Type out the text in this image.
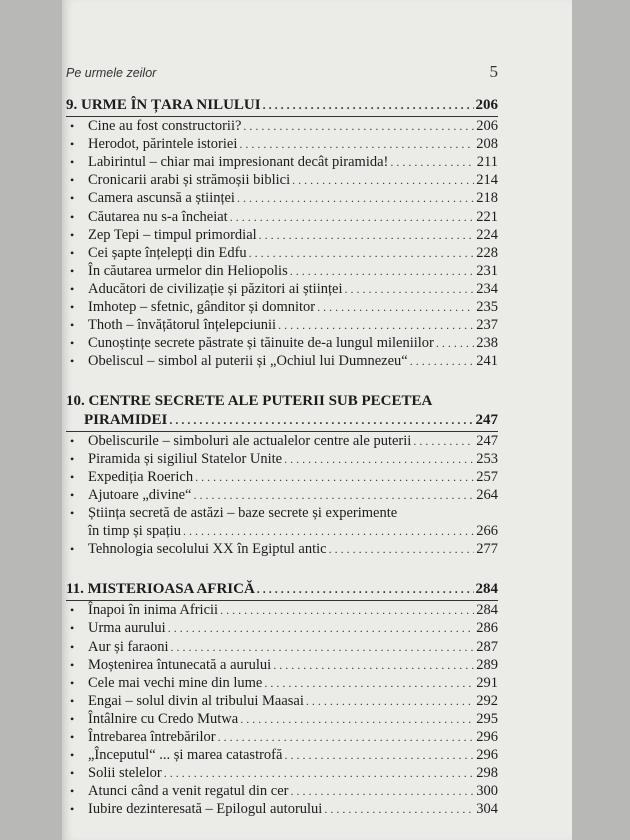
Pe urmele zeilor	5
9. URME ÎN ȚARA NILULUI . . .	206
• Cine au fost constructorii? . . .	206
• Herodot, părintele istoriei . . .	208
• Labirintul – chiar mai impresionant decât piramida! . . .	211
• Cronicarii arabi și strămoșii biblici . . .	214
• Camera ascunsă a științei . . .	218
• Căutarea nu s-a încheiat . . .	221
• Zep Tepi – timpul primordial . . .	224
• Cei șapte înțelepți din Edfu . . .	228
• În căutarea urmelor din Heliopolis . . .	231
• Aducători de civilizație și păzitori ai științei . . .	234
• Imhotep – sfetnic, gânditor și domnitor . . .	235
• Thoth – învățătorul înțelepciunii . . .	237
• Cunoștințe secrete păstrate și tăinuite de-a lungul mileniilor . . .	238
• Obeliscul – simbol al puterii și „Ochiul lui Dumnezeu“ . . .	241
10. CENTRE SECRETE ALE PUTERII SUB PECETEA
PIRAMIDEI . . .	247
• Obeliscurile – simboluri ale actualelor centre ale puterii . . .	247
• Piramida și sigiliul Statelor Unite . . .	253
• Expediția Roerich . . .	257
• Ajutoare „divine“ . . .	264
• Știința secretă de astăzi – baze secrete și experimente
în timp și spațiu . . .	266
• Tehnologia secolului XX în Egiptul antic . . .	277
11. MISTERIOASA AFRICĂ . . .	284
• Înapoi în inima Africii . . .	284
• Urma aurului . . .	286
• Aur și faraoni . . .	287
• Moștenirea întunecată a aurului . . .	289
• Cele mai vechi mine din lume . . .	291
• Engai – solul divin al tribului Maasai . . .	292
• Întâlnire cu Credo Mutwa . . .	295
• Întrebarea întrebărilor . . .	296
• „Începutul“ ... și marea catastrofă . . .	296
• Solii stelelor . . .	298
• Atunci când a venit regatul din cer . . .	300
• Iubire dezinteresată – Epilogul autorului . . .	304
